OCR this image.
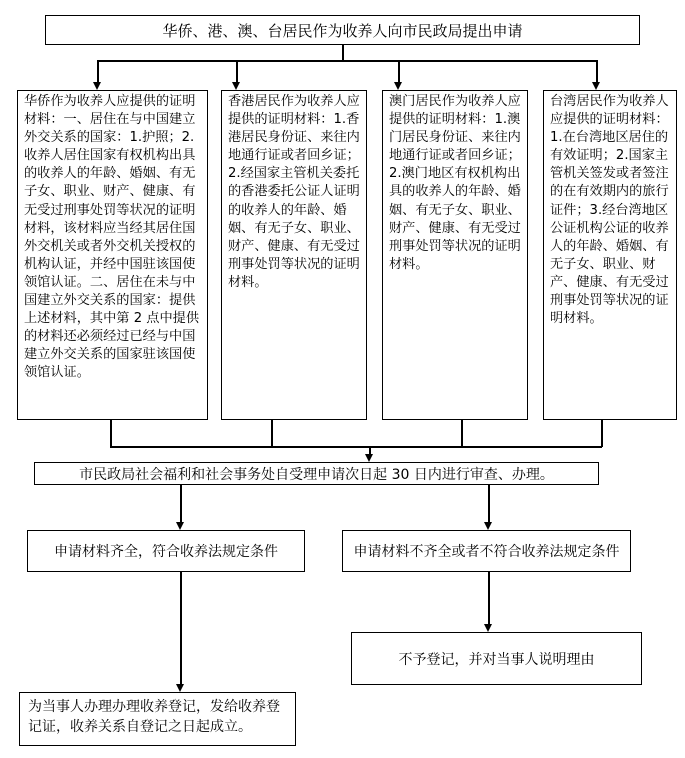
华侨、港、澳、台居民作为收养人向市民政局提出申请
华侨作为收养人应提供的证明材料：一、居住在与中国建立外交关系的国家：1.护照；2.收养人居住国家有权机构出具的收养人的年龄、婚姻、有无子女、职业、财产、健康、有无受过刑事处罚等状况的证明材料，该材料应当经其居住国外交机关或者外交机关授权的机构认证，并经中国驻该国使领馆认证。二、居住在未与中国建立外交关系的国家：提供上述材料，其中第 2 点中提供的材料还必须经过已经与中国建立外交关系的国家驻该国使领馆认证。
香港居民作为收养人应提供的证明材料：1.香港居民身份证、来往内地通行证或者回乡证；2.经国家主管机关委托的香港委托公证人证明的收养人的年龄、婚姻、有无子女、职业、财产、健康、有无受过刑事处罚等状况的证明材料。
澳门居民作为收养人应提供的证明材料：1.澳门居民身份证、来往内地通行证或者回乡证；2.澳门地区有权机构出具的收养人的年龄、婚姻、有无子女、职业、财产、健康、有无受过刑事处罚等状况的证明材料。
台湾居民作为收养人应提供的证明材料：1.在台湾地区居住的有效证明；2.国家主管机关签发或者签注的在有效期内的旅行证件；3.经台湾地区公证机构公证的收养人的年龄、婚姻、有无子女、职业、财产、健康、有无受过刑事处罚等状况的证明材料。
市民政局社会福利和社会事务处自受理申请次日起 30 日内进行审查、办理。
申请材料齐全，符合收养法规定条件	申请材料不齐全或者不符合收养法规定条件
为当事人办理办理收养登记，发给收养登记证，收养关系自登记之日起成立。
不予登记，并对当事人说明理由
